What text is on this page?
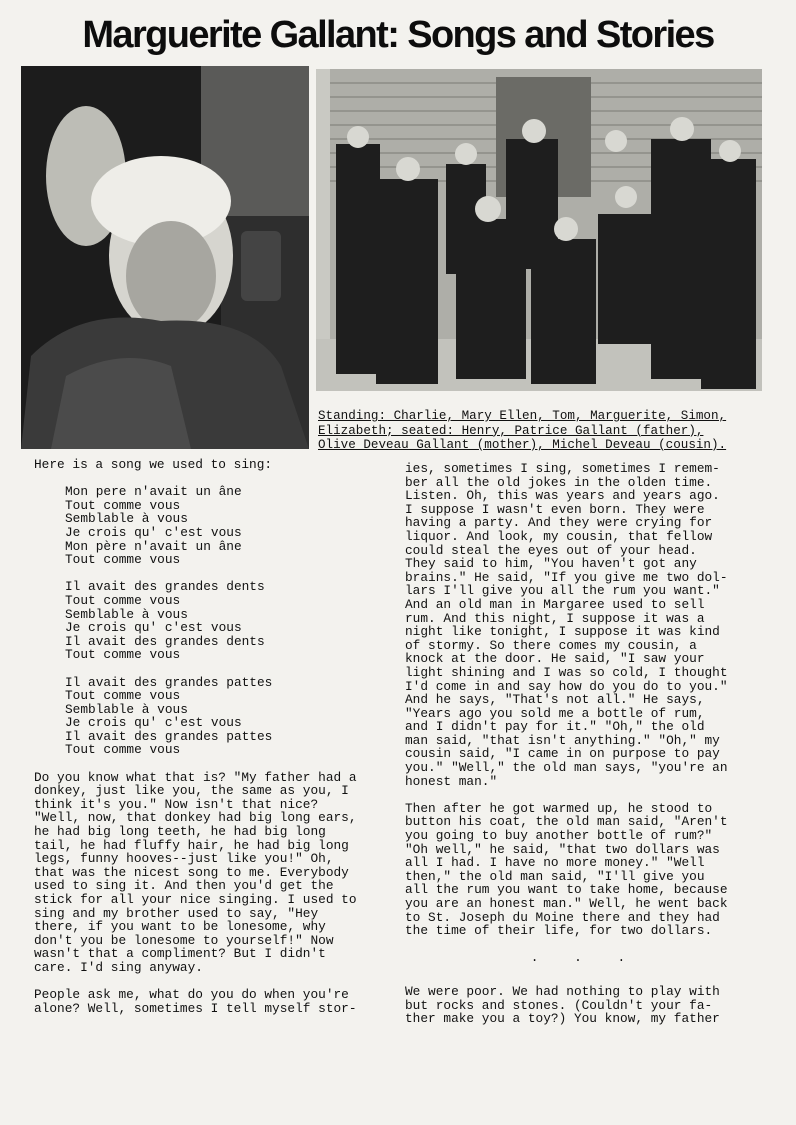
Marguerite Gallant: Songs and Stories
Standing: Charlie, Mary Ellen, Tom, Marguerite, Simon,
Elizabeth; seated: Henry, Patrice Gallant (father),
Olive Deveau Gallant (mother), Michel Deveau (cousin).

Here is a song we used to sing:

Mon pere n'avait un âne
Tout comme vous
Semblable à vous
Je crois qu' c'est vous
Mon père n'avait un âne
Tout comme vous
Il avait des grandes dents
Tout comme vous
Semblable à vous
Je crois qu' c'est vous
Il avait des grandes dents
Tout comme vous
Il avait des grandes pattes
Tout comme vous
Semblable à vous
Je crois qu' c'est vous
Il avait des grandes pattes
Tout comme vous

Do you know what that is? "My father had a
donkey, just like you, the same as you, I
think it's you." Now isn't that nice?
"Well, now, that donkey had big long ears,
he had big long teeth, he had big long
tail, he had fluffy hair, he had big long
legs, funny hooves--just like you!" Oh,
that was the nicest song to me. Everybody
used to sing it. And then you'd get the
stick for all your nice singing. I used to
sing and my brother used to say, "Hey
there, if you want to be lonesome, why
don't you be lonesome to yourself!" Now
wasn't that a compliment? But I didn't
care. I'd sing anyway.

People ask me, what do you do when you're
alone? Well, sometimes I tell myself stor-

ies, sometimes I sing, sometimes I remem-
ber all the old jokes in the olden time.
Listen. Oh, this was years and years ago.
I suppose I wasn't even born. They were
having a party. And they were crying for
liquor. And look, my cousin, that fellow
could steal the eyes out of your head.
They said to him, "You haven't got any
brains." He said, "If you give me two dol-
lars I'll give you all the rum you want."
And an old man in Margaree used to sell
rum. And this night, I suppose it was a
night like tonight, I suppose it was kind
of stormy. So there comes my cousin, a
knock at the door. He said, "I saw your
light shining and I was so cold, I thought
I'd come in and say how do you do to you."
And he says, "That's not all." He says,
"Years ago you sold me a bottle of rum,
and I didn't pay for it." "Oh," the old
man said, "that isn't anything." "Oh," my
cousin said, "I came in on purpose to pay
you." "Well," the old man says, "you're an
honest man."

Then after he got warmed up, he stood to
button his coat, the old man said, "Aren't
you going to buy another bottle of rum?"
"Oh well," he said, "that two dollars was
all I had. I have no more money." "Well
then," the old man said, "I'll give you
all the rum you want to take home, because
you are an honest man." Well, he went back
to St. Joseph du Moine there and they had
the time of their life, for two dollars.

. . .

We were poor. We had nothing to play with
but rocks and stones. (Couldn't your fa-
ther make you a toy?) You know, my father
